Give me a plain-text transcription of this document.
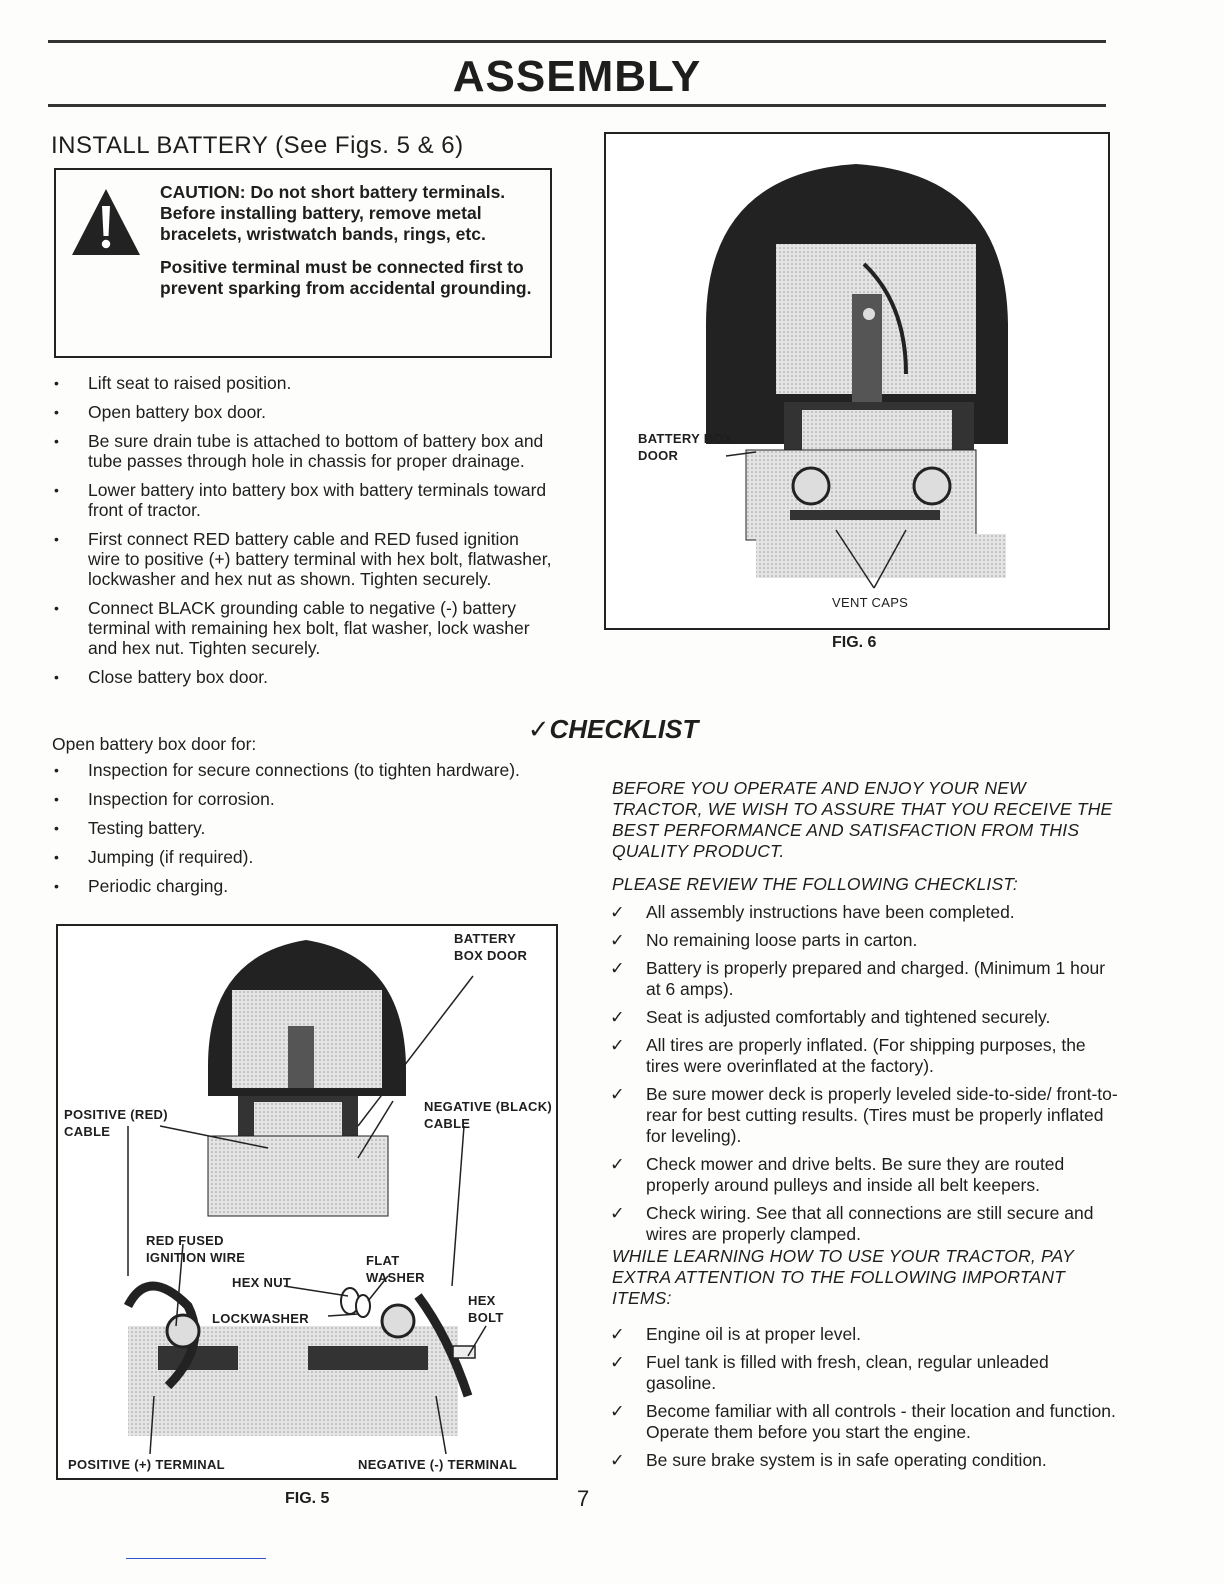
ASSEMBLY
INSTALL BATTERY (See Figs. 5 & 6)

CAUTION: Do not short battery terminals. Before installing battery, remove metal bracelets, wristwatch bands, rings, etc.

Positive terminal must be connected first to prevent sparking from accidental grounding.

• Lift seat to raised position.
• Open battery box door.
• Be sure drain tube is attached to bottom of battery box and tube passes through hole in chassis for proper drainage.
• Lower battery into battery box with battery terminals toward front of tractor.
• First connect RED battery cable and RED fused ignition wire to positive (+) battery terminal with hex bolt, flatwasher, lockwasher and hex nut as shown. Tighten securely.
• Connect BLACK grounding cable to negative (-) battery terminal with remaining hex bolt, flat washer, lock washer and hex nut. Tighten securely.
• Close battery box door.
Open battery box door for:
• Inspection for secure connections (to tighten hardware).
• Inspection for corrosion.
• Testing battery.
• Jumping (if required).
• Periodic charging.
BATTERY BOX DOOR
POSITIVE (RED) CABLE
NEGATIVE (BLACK) CABLE
RED FUSED IGNITION WIRE
HEX NUT
FLAT WASHER
LOCKWASHER
HEX BOLT
POSITIVE (+) TERMINAL	NEGATIVE (-) TERMINAL
FIG. 5
BATTERY BOX DOOR
VENT CAPS
FIG. 6
✓CHECKLIST
BEFORE YOU OPERATE AND ENJOY YOUR NEW TRACTOR, WE WISH TO ASSURE THAT YOU RECEIVE THE BEST PERFORMANCE AND SATISFACTION FROM THIS QUALITY PRODUCT.
PLEASE REVIEW THE FOLLOWING CHECKLIST:
✓ All assembly instructions have been completed.
✓ No remaining loose parts in carton.
✓ Battery is properly prepared and charged. (Minimum 1 hour at 6 amps).
✓ Seat is adjusted comfortably and tightened securely.
✓ All tires are properly inflated. (For shipping purposes, the tires were overinflated at the factory).
✓ Be sure mower deck is properly leveled side-to-side/ front-to-rear for best cutting results. (Tires must be properly inflated for leveling).
✓ Check mower and drive belts. Be sure they are routed properly around pulleys and inside all belt keepers.
✓ Check wiring. See that all connections are still secure and wires are properly clamped.
WHILE LEARNING HOW TO USE YOUR TRACTOR, PAY EXTRA ATTENTION TO THE FOLLOWING IMPORTANT ITEMS:
✓ Engine oil is at proper level.
✓ Fuel tank is filled with fresh, clean, regular unleaded gasoline.
✓ Become familiar with all controls - their location and function. Operate them before you start the engine.
✓ Be sure brake system is in safe operating condition.
7
